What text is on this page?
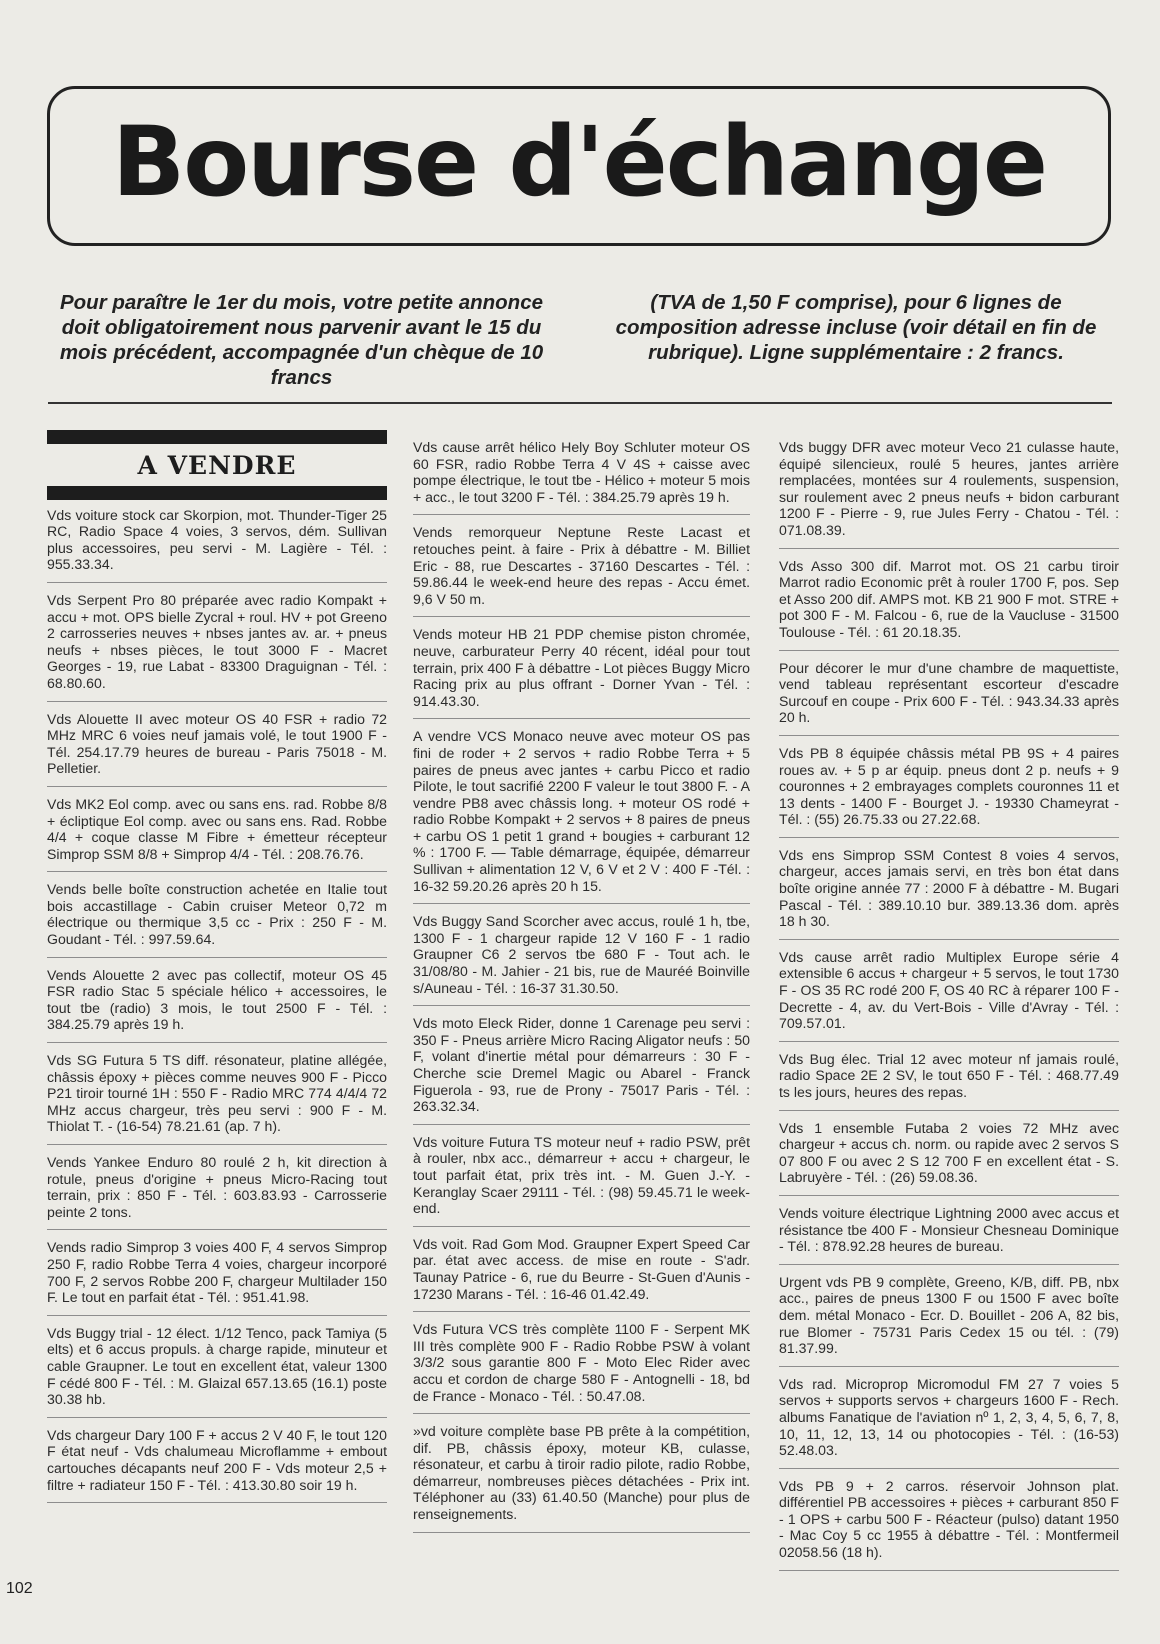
Bourse d'échange
Pour paraître le 1er du mois, votre petite annonce doit obligatoirement nous parvenir avant le 15 du mois précédent, accompagnée d'un chèque de 10 francs
(TVA de 1,50 F comprise), pour 6 lignes de composition adresse incluse (voir détail en fin de rubrique). Ligne supplémentaire : 2 francs.
A VENDRE

Vds voiture stock car Skorpion, mot. Thunder-Tiger 25 RC, Radio Space 4 voies, 3 servos, dém. Sullivan plus accessoires, peu servi - M. Lagière - Tél. : 955.33.34.

Vds Serpent Pro 80 préparée avec radio Kompakt + accu + mot. OPS bielle Zycral + roul. HV + pot Greeno 2 carrosseries neuves + nbses jantes av. ar. + pneus neufs + nbses pièces, le tout 3000 F - Macret Georges - 19, rue Labat - 83300 Draguignan - Tél. : 68.80.60.

Vds Alouette II avec moteur OS 40 FSR + radio 72 MHz MRC 6 voies neuf jamais volé, le tout 1900 F - Tél. 254.17.79 heures de bureau - Paris 75018 - M. Pelletier.

Vds MK2 Eol comp. avec ou sans ens. rad. Robbe 8/8 + écliptique Eol comp. avec ou sans ens. Rad. Robbe 4/4 + coque classe M Fibre + émetteur récepteur Simprop SSM 8/8 + Simprop 4/4 - Tél. : 208.76.76.

Vends belle boîte construction achetée en Italie tout bois accastillage - Cabin cruiser Meteor 0,72 m électrique ou thermique 3,5 cc - Prix : 250 F - M. Goudant - Tél. : 997.59.64.

Vends Alouette 2 avec pas collectif, moteur OS 45 FSR radio Stac 5 spéciale hélico + accessoires, le tout tbe (radio) 3 mois, le tout 2500 F - Tél. : 384.25.79 après 19 h.

Vds SG Futura 5 TS diff. résonateur, platine allégée, châssis époxy + pièces comme neuves 900 F - Picco P21 tiroir tourné 1H : 550 F - Radio MRC 774 4/4/4 72 MHz accus chargeur, très peu servi : 900 F - M. Thiolat T. - (16-54) 78.21.61 (ap. 7 h).

Vends Yankee Enduro 80 roulé 2 h, kit direction à rotule, pneus d'origine + pneus Micro-Racing tout terrain, prix : 850 F - Tél. : 603.83.93 - Carrosserie peinte 2 tons.

Vends radio Simprop 3 voies 400 F, 4 servos Simprop 250 F, radio Robbe Terra 4 voies, chargeur incorporé 700 F, 2 servos Robbe 200 F, chargeur Multilader 150 F. Le tout en parfait état - Tél. : 951.41.98.

Vds Buggy trial - 12 élect. 1/12 Tenco, pack Tamiya (5 elts) et 6 accus propuls. à charge rapide, minuteur et cable Graupner. Le tout en excellent état, valeur 1300 F cédé 800 F - Tél. : M. Glaizal 657.13.65 (16.1) poste 30.38 hb.

Vds chargeur Dary 100 F + accus 2 V 40 F, le tout 120 F état neuf - Vds chalumeau Microflamme + embout cartouches décapants neuf 200 F - Vds moteur 2,5 + filtre + radiateur 150 F - Tél. : 413.30.80 soir 19 h.

Vds cause arrêt hélico Hely Boy Schluter moteur OS 60 FSR, radio Robbe Terra 4 V 4S + caisse avec pompe électrique, le tout tbe - Hélico + moteur 5 mois + acc., le tout 3200 F - Tél. : 384.25.79 après 19 h.

Vends remorqueur Neptune Reste Lacast et retouches peint. à faire - Prix à débattre - M. Billiet Eric - 88, rue Descartes - 37160 Descartes - Tél. : 59.86.44 le week-end heure des repas - Accu émet. 9,6 V 50 m.

Vends moteur HB 21 PDP chemise piston chromée, neuve, carburateur Perry 40 récent, idéal pour tout terrain, prix 400 F à débattre - Lot pièces Buggy Micro Racing prix au plus offrant - Dorner Yvan - Tél. : 914.43.30.

A vendre VCS Monaco neuve avec moteur OS pas fini de roder + 2 servos + radio Robbe Terra + 5 paires de pneus avec jantes + carbu Picco et radio Pilote, le tout sacrifié 2200 F valeur le tout 3800 F. - A vendre PB8 avec châssis long. + moteur OS rodé + radio Robbe Kompakt + 2 servos + 8 paires de pneus + carbu OS 1 petit 1 grand + bougies + carburant 12 % : 1700 F. — Table démarrage, équipée, démarreur Sullivan + alimentation 12 V, 6 V et 2 V : 400 F -Tél. : 16-32 59.20.26 après 20 h 15.

Vds Buggy Sand Scorcher avec accus, roulé 1 h, tbe, 1300 F - 1 chargeur rapide 12 V 160 F - 1 radio Graupner C6 2 servos tbe 680 F - Tout ach. le 31/08/80 - M. Jahier - 21 bis, rue de Mauréé Boinville s/Auneau - Tél. : 16-37 31.30.50.

Vds moto Eleck Rider, donne 1 Carenage peu servi : 350 F - Pneus arrière Micro Racing Aligator neufs : 50 F, volant d'inertie métal pour démarreurs : 30 F - Cherche scie Dremel Magic ou Abarel - Franck Figuerola - 93, rue de Prony - 75017 Paris - Tél. : 263.32.34.

Vds voiture Futura TS moteur neuf + radio PSW, prêt à rouler, nbx acc., démarreur + accu + chargeur, le tout parfait état, prix très int. - M. Guen J.-Y. - Keranglay Scaer 29111 - Tél. : (98) 59.45.71 le week-end.

Vds voit. Rad Gom Mod. Graupner Expert Speed Car par. état avec access. de mise en route - S'adr. Taunay Patrice - 6, rue du Beurre - St-Guen d'Aunis - 17230 Marans - Tél. : 16-46 01.42.49.

Vds Futura VCS très complète 1100 F - Serpent MK III très complète 900 F - Radio Robbe PSW à volant 3/3/2 sous garantie 800 F - Moto Elec Rider avec accu et cordon de charge 580 F - Antognelli - 18, bd de France - Monaco - Tél. : 50.47.08.

»vd voiture complète base PB prête à la compétition, dif. PB, châssis époxy, moteur KB, culasse, résonateur, et carbu à tiroir radio pilote, radio Robbe, démarreur, nombreuses pièces détachées - Prix int. Téléphoner au (33) 61.40.50 (Manche) pour plus de renseignements.

Vds buggy DFR avec moteur Veco 21 culasse haute, équipé silencieux, roulé 5 heures, jantes arrière remplacées, montées sur 4 roulements, suspension, sur roulement avec 2 pneus neufs + bidon carburant 1200 F - Pierre - 9, rue Jules Ferry - Chatou - Tél. : 071.08.39.

Vds Asso 300 dif. Marrot mot. OS 21 carbu tiroir Marrot radio Economic prêt à rouler 1700 F, pos. Sep et Asso 200 dif. AMPS mot. KB 21 900 F mot. STRE + pot 300 F - M. Falcou - 6, rue de la Vaucluse - 31500 Toulouse - Tél. : 61 20.18.35.

Pour décorer le mur d'une chambre de maquettiste, vend tableau représentant escorteur d'escadre Surcouf en coupe - Prix 600 F - Tél. : 943.34.33 après 20 h.

Vds PB 8 équipée châssis métal PB 9S + 4 paires roues av. + 5 p ar équip. pneus dont 2 p. neufs + 9 couronnes + 2 embrayages complets couronnes 11 et 13 dents - 1400 F - Bourget J. - 19330 Chameyrat - Tél. : (55) 26.75.33 ou 27.22.68.

Vds ens Simprop SSM Contest 8 voies 4 servos, chargeur, acces jamais servi, en très bon état dans boîte origine année 77 : 2000 F à débattre - M. Bugari Pascal - Tél. : 389.10.10 bur. 389.13.36 dom. après 18 h 30.

Vds cause arrêt radio Multiplex Europe série 4 extensible 6 accus + chargeur + 5 servos, le tout 1730 F - OS 35 RC rodé 200 F, OS 40 RC à réparer 100 F - Decrette - 4, av. du Vert-Bois - Ville d'Avray - Tél. : 709.57.01.

Vds Bug élec. Trial 12 avec moteur nf jamais roulé, radio Space 2E 2 SV, le tout 650 F - Tél. : 468.77.49 ts les jours, heures des repas.

Vds 1 ensemble Futaba 2 voies 72 MHz avec chargeur + accus ch. norm. ou rapide avec 2 servos S 07 800 F ou avec 2 S 12 700 F en excellent état - S. Labruyère - Tél. : (26) 59.08.36.

Vends voiture électrique Lightning 2000 avec accus et résistance tbe 400 F - Monsieur Chesneau Dominique - Tél. : 878.92.28 heures de bureau.

Urgent vds PB 9 complète, Greeno, K/B, diff. PB, nbx acc., paires de pneus 1300 F ou 1500 F avec boîte dem. métal Monaco - Ecr. D. Bouillet - 206 A, 82 bis, rue Blomer - 75731 Paris Cedex 15 ou tél. : (79) 81.37.99.

Vds rad. Microprop Micromodul FM 27 7 voies 5 servos + supports servos + chargeurs 1600 F - Rech. albums Fanatique de l'aviation nº 1, 2, 3, 4, 5, 6, 7, 8, 10, 11, 12, 13, 14 ou photocopies - Tél. : (16-53) 52.48.03.

Vds PB 9 + 2 carros. réservoir Johnson plat. différentiel PB accessoires + pièces + carburant 850 F - 1 OPS + carbu 500 F - Réacteur (pulso) datant 1950 - Mac Coy 5 cc 1955 à débattre - Tél. : Montfermeil 02058.56 (18 h).

102
